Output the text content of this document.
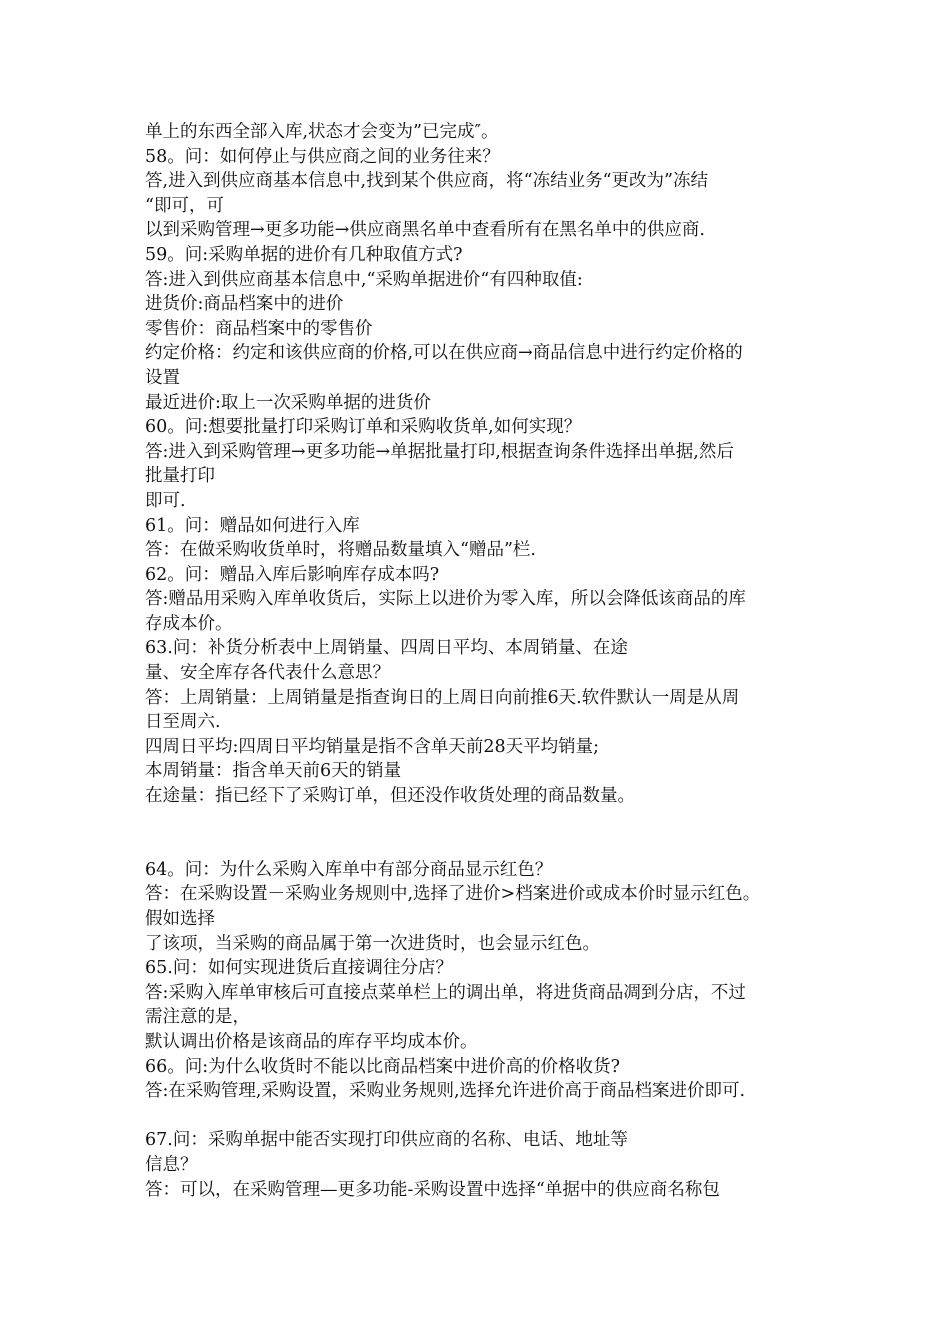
单上的东西全部入库,状态才会变为”已完成″。
58。问：如何停止与供应商之间的业务往来？
答,进入到供应商基本信息中,找到某个供应商，将“冻结业务“更改为”冻结
“即可，可
以到采购管理→更多功能→供应商黑名单中查看所有在黑名单中的供应商.
59。问:采购单据的进价有几种取值方式?
答:进入到供应商基本信息中,“采购单据进价“有四种取值:
进货价:商品档案中的进价
零售价：商品档案中的零售价
约定价格：约定和该供应商的价格,可以在供应商→商品信息中进行约定价格的
设置
最近进价:取上一次采购单据的进货价
60。问:想要批量打印采购订单和采购收货单,如何实现？
答:进入到采购管理→更多功能→单据批量打印,根据查询条件选择出单据,然后
批量打印
即可.
61。问：赠品如何进行入库
答：在做采购收货单时，将赠品数量填入“赠品”栏.
62。问：赠品入库后影响库存成本吗?
答:赠品用采购入库单收货后，实际上以进价为零入库，所以会降低该商品的库
存成本价。
63.问：补货分析表中上周销量、四周日平均、本周销量、在途
量、安全库存各代表什么意思？
答：上周销量：上周销量是指查询日的上周日向前推6天.软件默认一周是从周
日至周六.
四周日平均:四周日平均销量是指不含单天前28天平均销量;
本周销量：指含单天前6天的销量
在途量：指已经下了采购订单，但还没作收货处理的商品数量。
64。问：为什么采购入库单中有部分商品显示红色？
答：在采购设置－采购业务规则中,选择了进价>档案进价或成本价时显示红色。
假如选择
了该项，当采购的商品属于第一次进货时，也会显示红色。
65.问：如何实现进货后直接调往分店？
答:采购入库单审核后可直接点菜单栏上的调出单，将进货商品凋到分店，不过
需注意的是，
默认调出价格是该商品的库存平均成本价。
66。问:为什么收货时不能以比商品档案中进价高的价格收货?
答:在采购管理,采购设置，采购业务规则,选择允许进价高于商品档案进价即可.
67.问：采购单据中能否实现打印供应商的名称、电话、地址等
信息？
答：可以，在采购管理—更多功能-采购设置中选择“单据中的供应商名称包
